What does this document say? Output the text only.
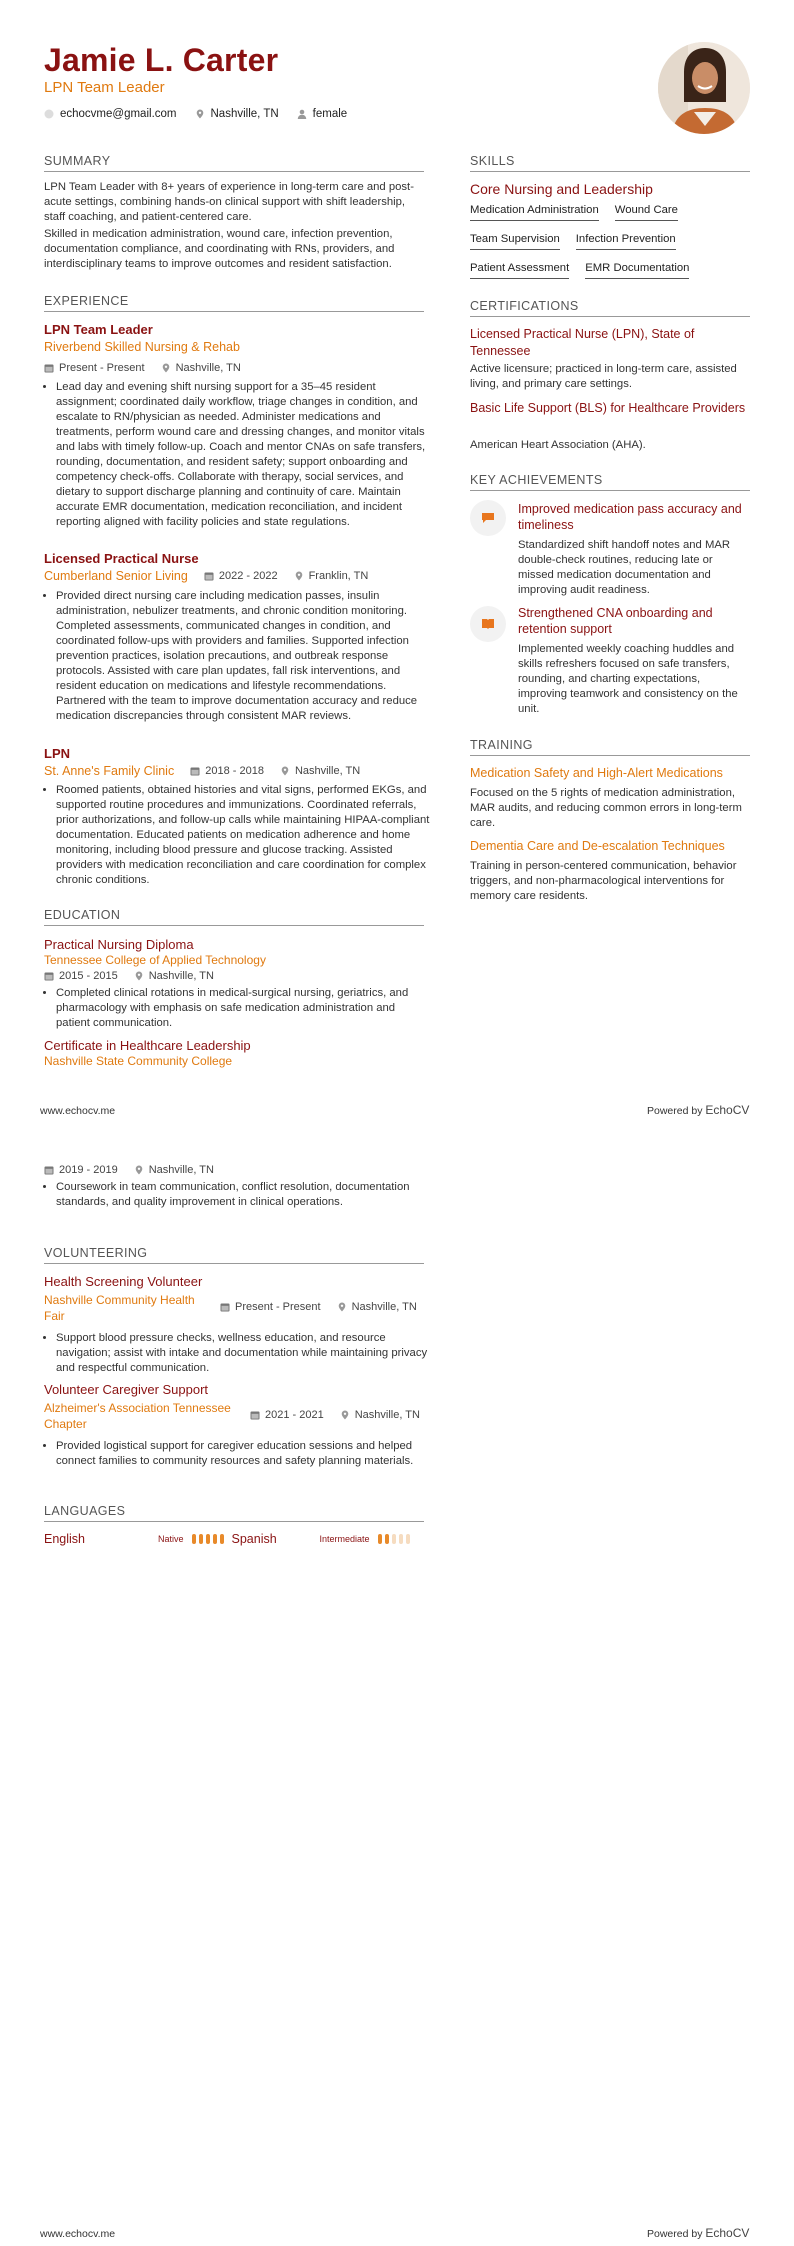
Jamie L. Carter
LPN Team Leader
echocvme@gmail.com	Nashville, TN	female
SUMMARY
LPN Team Leader with 8+ years of experience in long-term care and post-acute settings, combining hands-on clinical support with shift leadership, staff coaching, and patient-centered care.
Skilled in medication administration, wound care, infection prevention, documentation compliance, and coordinating with RNs, providers, and interdisciplinary teams to improve outcomes and resident satisfaction.
EXPERIENCE
LPN Team Leader
Riverbend Skilled Nursing & Rehab
Present - Present	Nashville, TN
• Lead day and evening shift nursing support for a 35–45 resident assignment; coordinated daily workflow, triage changes in condition, and escalate to RN/physician as needed. Administer medications and treatments, perform wound care and dressing changes, and monitor vitals and labs with timely follow-up. Coach and mentor CNAs on safe transfers, rounding, documentation, and resident safety; support onboarding and competency check-offs. Collaborate with therapy, social services, and dietary to support discharge planning and continuity of care. Maintain accurate EMR documentation, medication reconciliation, and incident reporting aligned with facility policies and state regulations.
Licensed Practical Nurse
Cumberland Senior Living	2022 - 2022	Franklin, TN
• Provided direct nursing care including medication passes, insulin administration, nebulizer treatments, and chronic condition monitoring. Completed assessments, communicated changes in condition, and coordinated follow-ups with providers and families. Supported infection prevention practices, isolation precautions, and outbreak response protocols. Assisted with care plan updates, fall risk interventions, and resident education on medications and lifestyle recommendations. Partnered with the team to improve documentation accuracy and reduce medication discrepancies through consistent MAR reviews.
LPN
St. Anne's Family Clinic	2018 - 2018	Nashville, TN
• Roomed patients, obtained histories and vital signs, performed EKGs, and supported routine procedures and immunizations. Coordinated referrals, prior authorizations, and follow-up calls while maintaining HIPAA-compliant documentation. Educated patients on medication adherence and home monitoring, including blood pressure and glucose tracking. Assisted providers with medication reconciliation and care coordination for complex chronic conditions.
EDUCATION
Practical Nursing Diploma
Tennessee College of Applied Technology
2015 - 2015	Nashville, TN
• Completed clinical rotations in medical-surgical nursing, geriatrics, and pharmacology with emphasis on safe medication administration and patient communication.
Certificate in Healthcare Leadership
Nashville State Community College
SKILLS
Core Nursing and Leadership
Medication Administration Wound Care
Team Supervision Infection Prevention
Patient Assessment EMR Documentation
CERTIFICATIONS
Licensed Practical Nurse (LPN), State of Tennessee
Active licensure; practiced in long-term care, assisted living, and primary care settings.
Basic Life Support (BLS) for Healthcare Providers
American Heart Association (AHA).
KEY ACHIEVEMENTS
Improved medication pass accuracy and timeliness
Standardized shift handoff notes and MAR double-check routines, reducing late or missed medication documentation and improving audit readiness.
Strengthened CNA onboarding and retention support
Implemented weekly coaching huddles and skills refreshers focused on safe transfers, rounding, and charting expectations, improving teamwork and consistency on the unit.
TRAINING
Medication Safety and High-Alert Medications
Focused on the 5 rights of medication administration, MAR audits, and reducing common errors in long-term care.
Dementia Care and De-escalation Techniques
Training in person-centered communication, behavior triggers, and non-pharmacological interventions for memory care residents.
www.echocv.me	Powered by EchoCV
2019 - 2019	Nashville, TN
• Coursework in team communication, conflict resolution, documentation standards, and quality improvement in clinical operations.
VOLUNTEERING
Health Screening Volunteer
Nashville Community Health
Fair
Present - Present	Nashville, TN
• Support blood pressure checks, wellness education, and resource navigation; assist with intake and documentation while maintaining privacy and respectful communication.
Volunteer Caregiver Support
Alzheimer's Association Tennessee
Chapter
2021 - 2021	Nashville, TN
• Provided logistical support for caregiver education sessions and helped connect families to community resources and safety planning materials.
LANGUAGES
English	Native	Spanish	Intermediate
www.echocv.me	Powered by EchoCV
